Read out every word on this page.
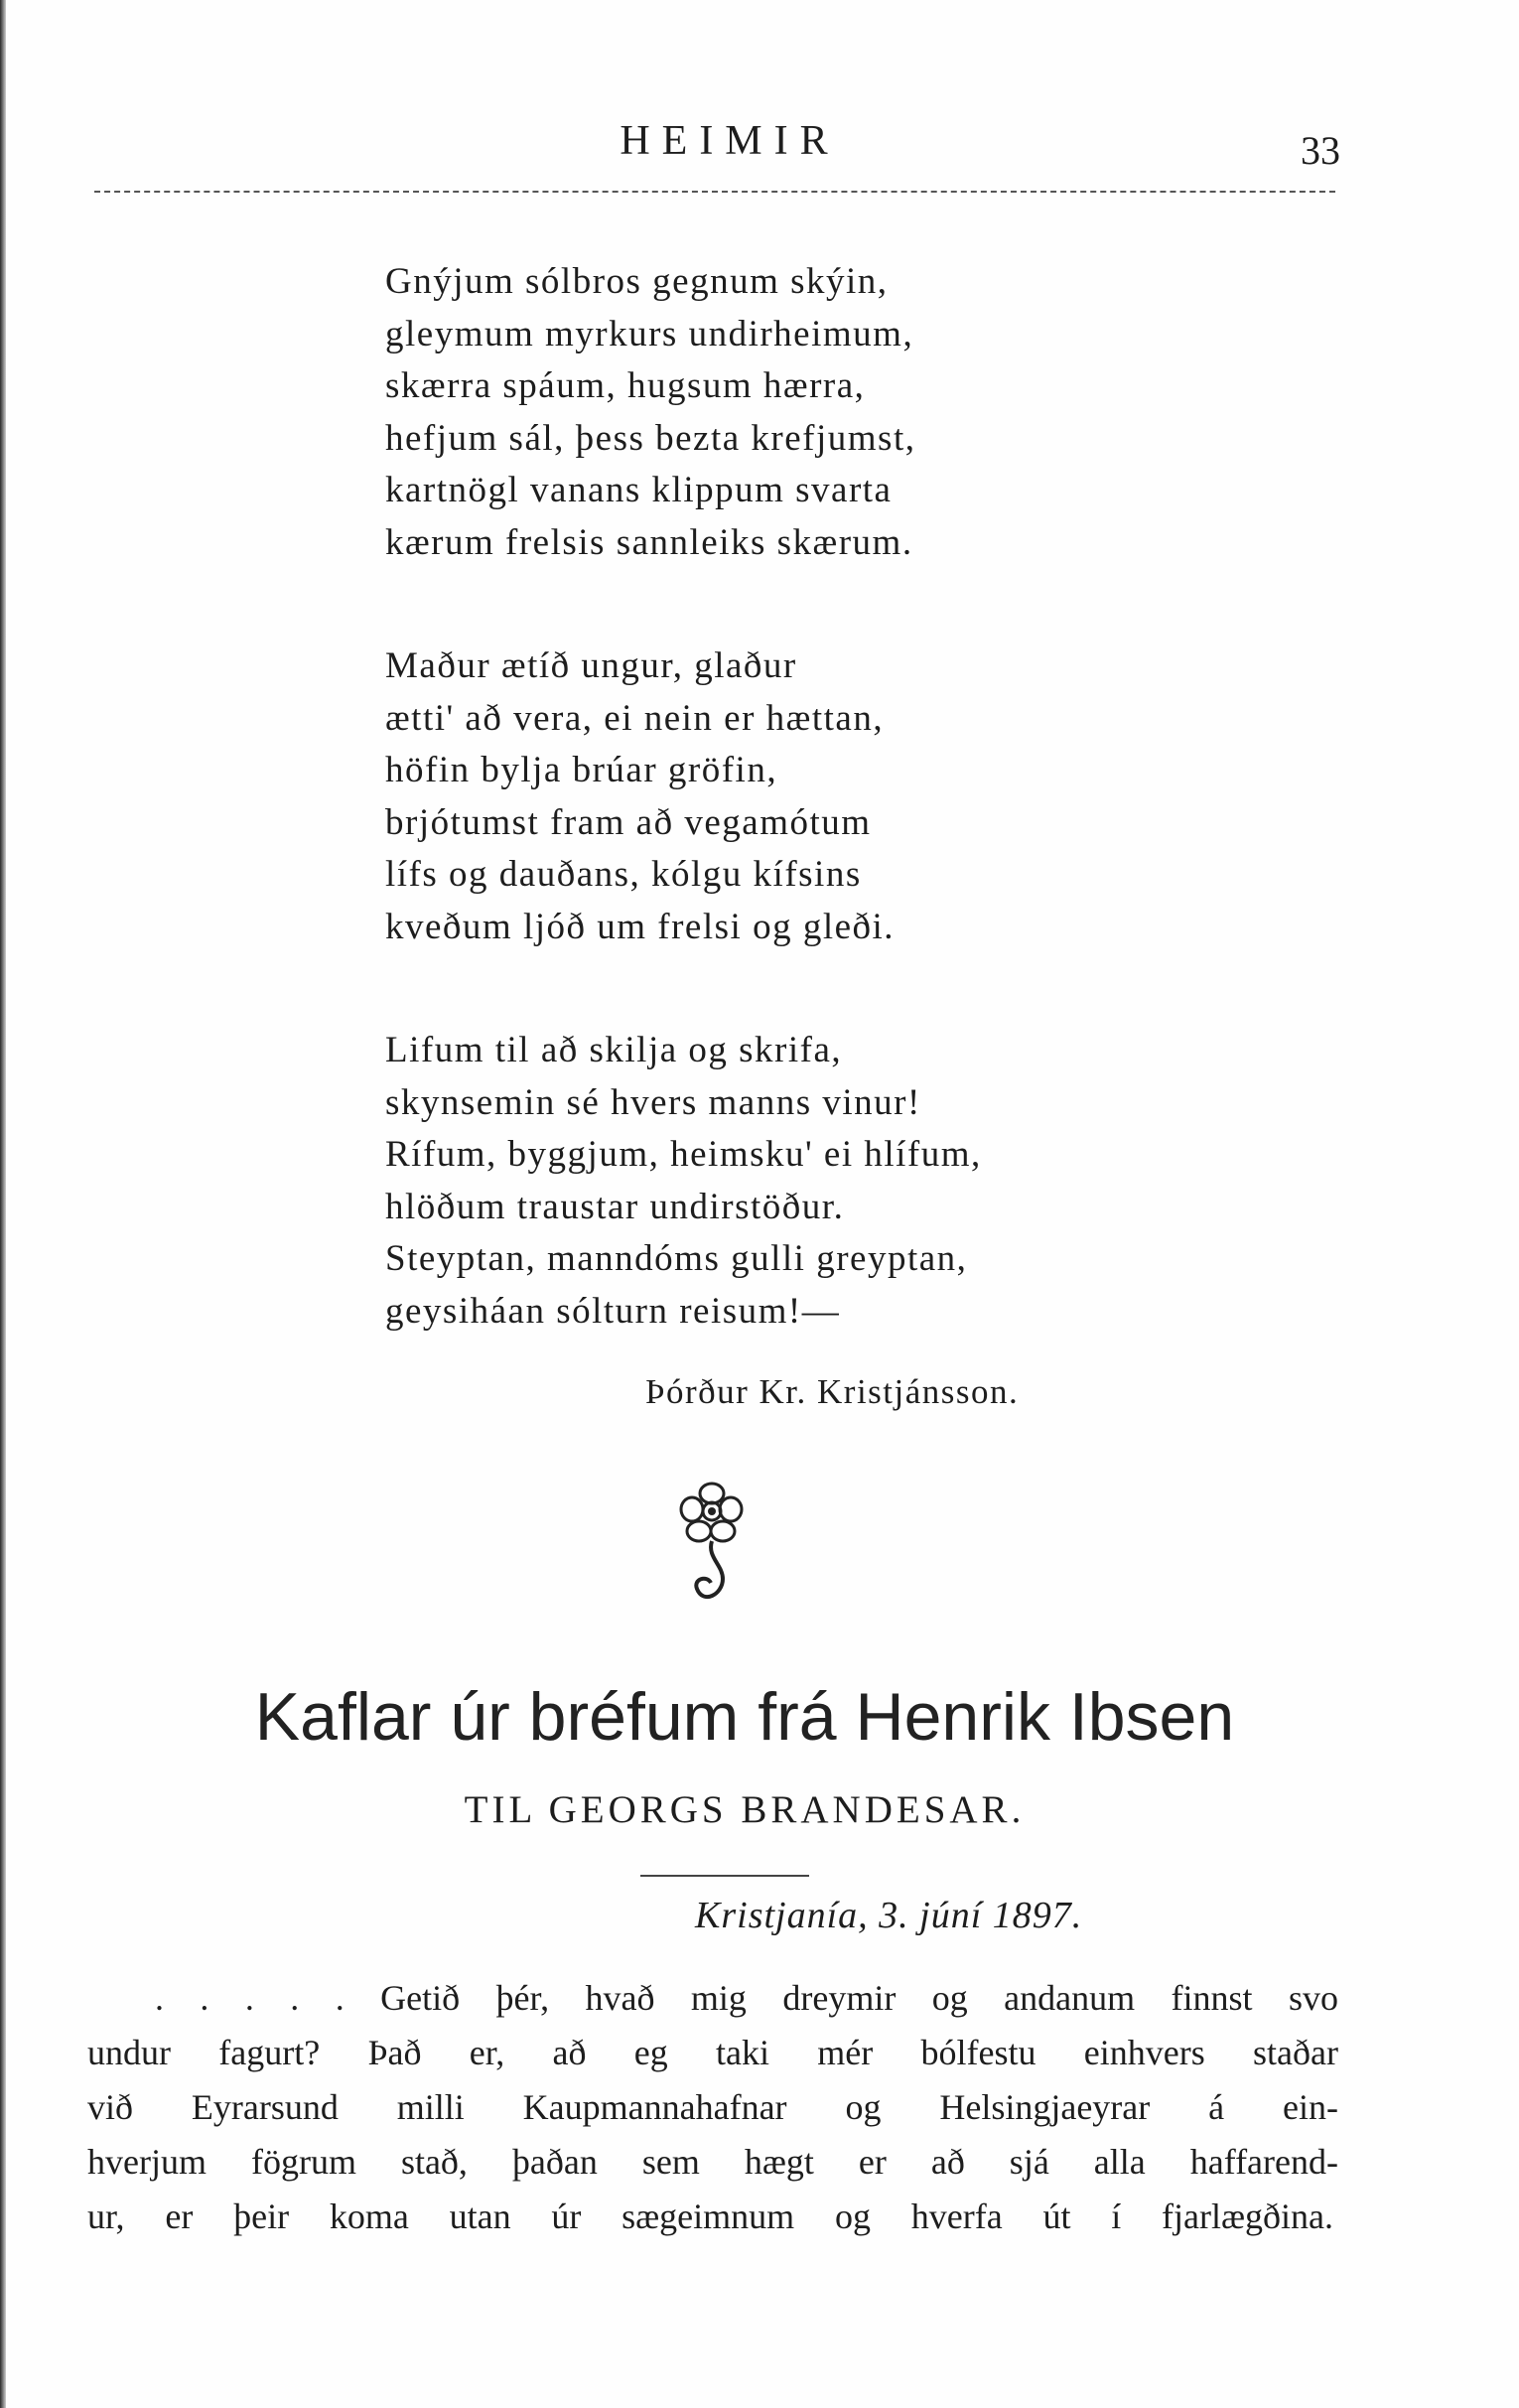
HEIMIR	33
Gnýjum sólbros gegnum skýin,
gleymum myrkurs undirheimum,
skærra spáum, hugsum hærra,
hefjum sál, þess bezta krefjumst,
kartnögl vanans klippum svarta
kærum frelsis sannleiks skærum.
Maður ætíð ungur, glaður
ætti' að vera, ei nein er hættan,
höfin bylja brúar gröfin,
brjótumst fram að vegamótum
lífs og dauðans, kólgu kífsins
kveðum ljóð um frelsi og gleði.
Lifum til að skilja og skrifa,
skynsemin sé hvers manns vinur!
Rífum, byggjum, heimsku' ei hlífum,
hlöðum traustar undirstöður.
Steyptan, manndóms gulli greyptan,
geysiháan sólturn reisum!—
Þórður Kr. Kristjánsson.
Kaflar úr bréfum frá Henrik Ibsen
TIL GEORGS BRANDESAR.
Kristjanía, 3. júní 1897.
. . . . . Getið þér, hvað mig dreymir og andanum finnst svo
undur fagurt? Það er, að eg taki mér bólfestu einhvers staðar
við Eyrarsund milli Kaupmannahafnar og Helsingjaeyrar á ein-
hverjum fögrum stað, þaðan sem hægt er að sjá alla haffarend-
ur, er þeir koma utan úr sægeimnum og hverfa út í fjarlægðina.
